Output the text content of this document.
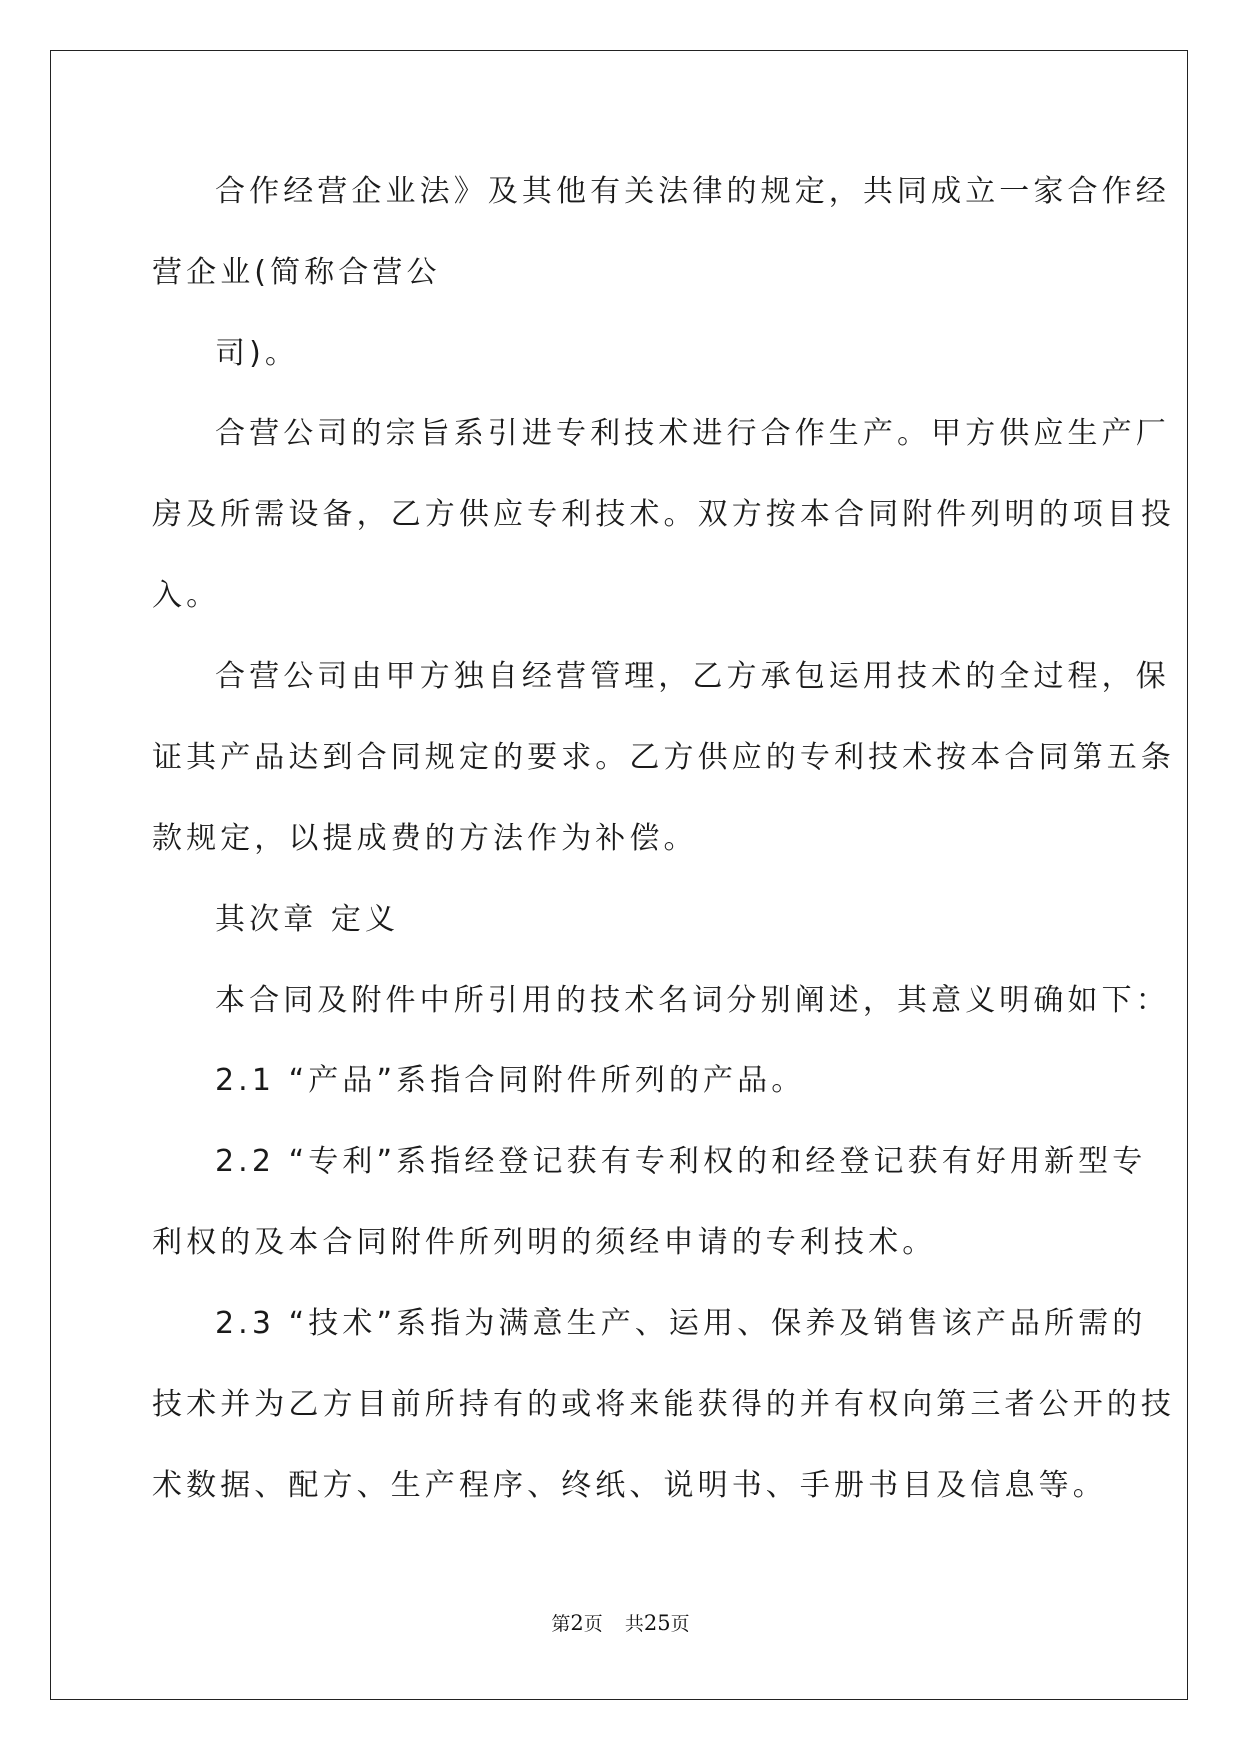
合作经营企业法》及其他有关法律的规定，共同成立一家合作经
营企业(简称合营公
司)。
合营公司的宗旨系引进专利技术进行合作生产。甲方供应生产厂
房及所需设备，乙方供应专利技术。双方按本合同附件列明的项目投
入。
合营公司由甲方独自经营管理，乙方承包运用技术的全过程，保
证其产品达到合同规定的要求。乙方供应的专利技术按本合同第五条
款规定，以提成费的方法作为补偿。
其次章 定义
本合同及附件中所引用的技术名词分别阐述，其意义明确如下：
2.1 “产品”系指合同附件所列的产品。
2.2 “专利”系指经登记获有专利权的和经登记获有好用新型专
利权的及本合同附件所列明的须经申请的专利技术。
2.3 “技术”系指为满意生产、运用、保养及销售该产品所需的
技术并为乙方目前所持有的或将来能获得的并有权向第三者公开的技
术数据、配方、生产程序、终纸、说明书、手册书目及信息等。
第2页 共25页
